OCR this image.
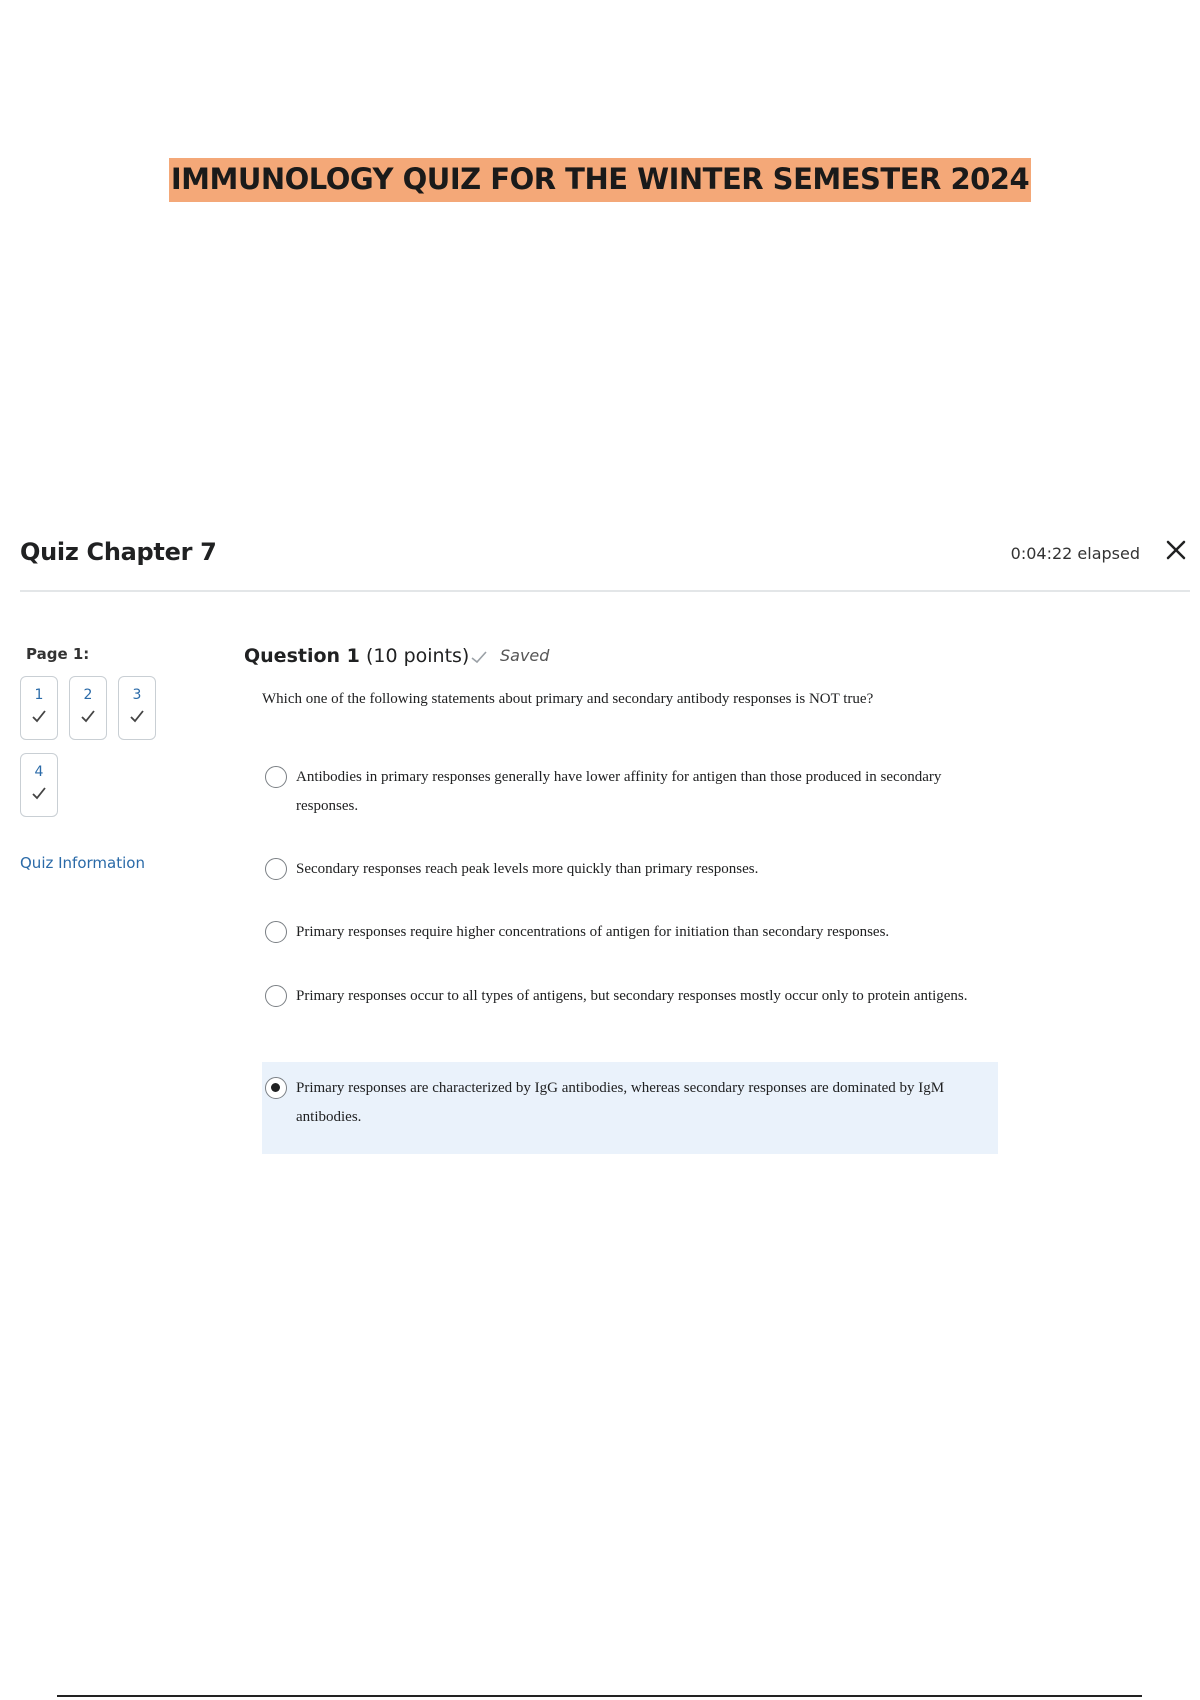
IMMUNOLOGY QUIZ FOR THE WINTER SEMESTER 2024
Quiz Chapter 7	0:04:22 elapsed
Page 1:
1	2	3
4
Quiz Information
Question 1 (10 points) Saved
Which one of the following statements about primary and secondary antibody responses is NOT true?
Antibodies in primary responses generally have lower affinity for antigen than those produced in secondary responses.
Secondary responses reach peak levels more quickly than primary responses.
Primary responses require higher concentrations of antigen for initiation than secondary responses.
Primary responses occur to all types of antigens, but secondary responses mostly occur only to protein antigens.
Primary responses are characterized by IgG antibodies, whereas secondary responses are dominated by IgM antibodies.
